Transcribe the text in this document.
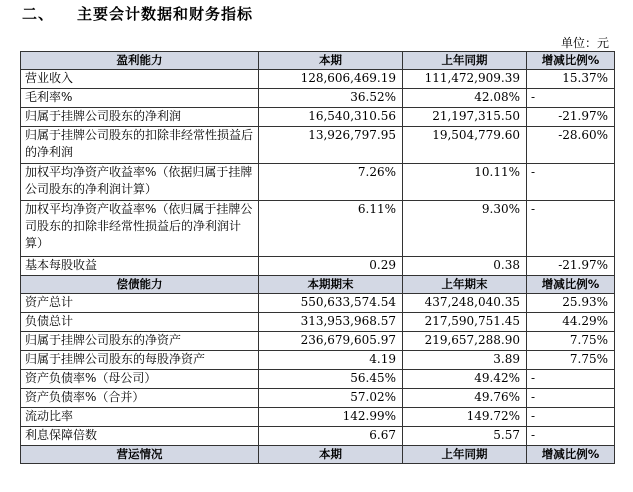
二、 主要会计数据和财务指标
单位：元
盈利能力	本期	上年同期	增减比例%
营业收入	128,606,469.19	111,472,909.39	15.37%
毛利率%	36.52%	42.08%	-
归属于挂牌公司股东的净利润	16,540,310.56	21,197,315.50	-21.97%
归属于挂牌公司股东的扣除非经常性损益后的净利润	13,926,797.95	19,504,779.60	-28.60%
加权平均净资产收益率%（依据归属于挂牌公司股东的净利润计算）	7.26%	10.11%	-
加权平均净资产收益率%（依归属于挂牌公司股东的扣除非经常性损益后的净利润计算）	6.11%	9.30%	-
基本每股收益	0.29	0.38	-21.97%
偿债能力	本期期末	上年期末	增减比例%
资产总计	550,633,574.54	437,248,040.35	25.93%
负债总计	313,953,968.57	217,590,751.45	44.29%
归属于挂牌公司股东的净资产	236,679,605.97	219,657,288.90	7.75%
归属于挂牌公司股东的每股净资产	4.19	3.89	7.75%
资产负债率%（母公司）	56.45%	49.42%	-
资产负债率%（合并）	57.02%	49.76%	-
流动比率	142.99%	149.72%	-
利息保障倍数	6.67	5.57	-
营运情况	本期	上年同期	增减比例%
